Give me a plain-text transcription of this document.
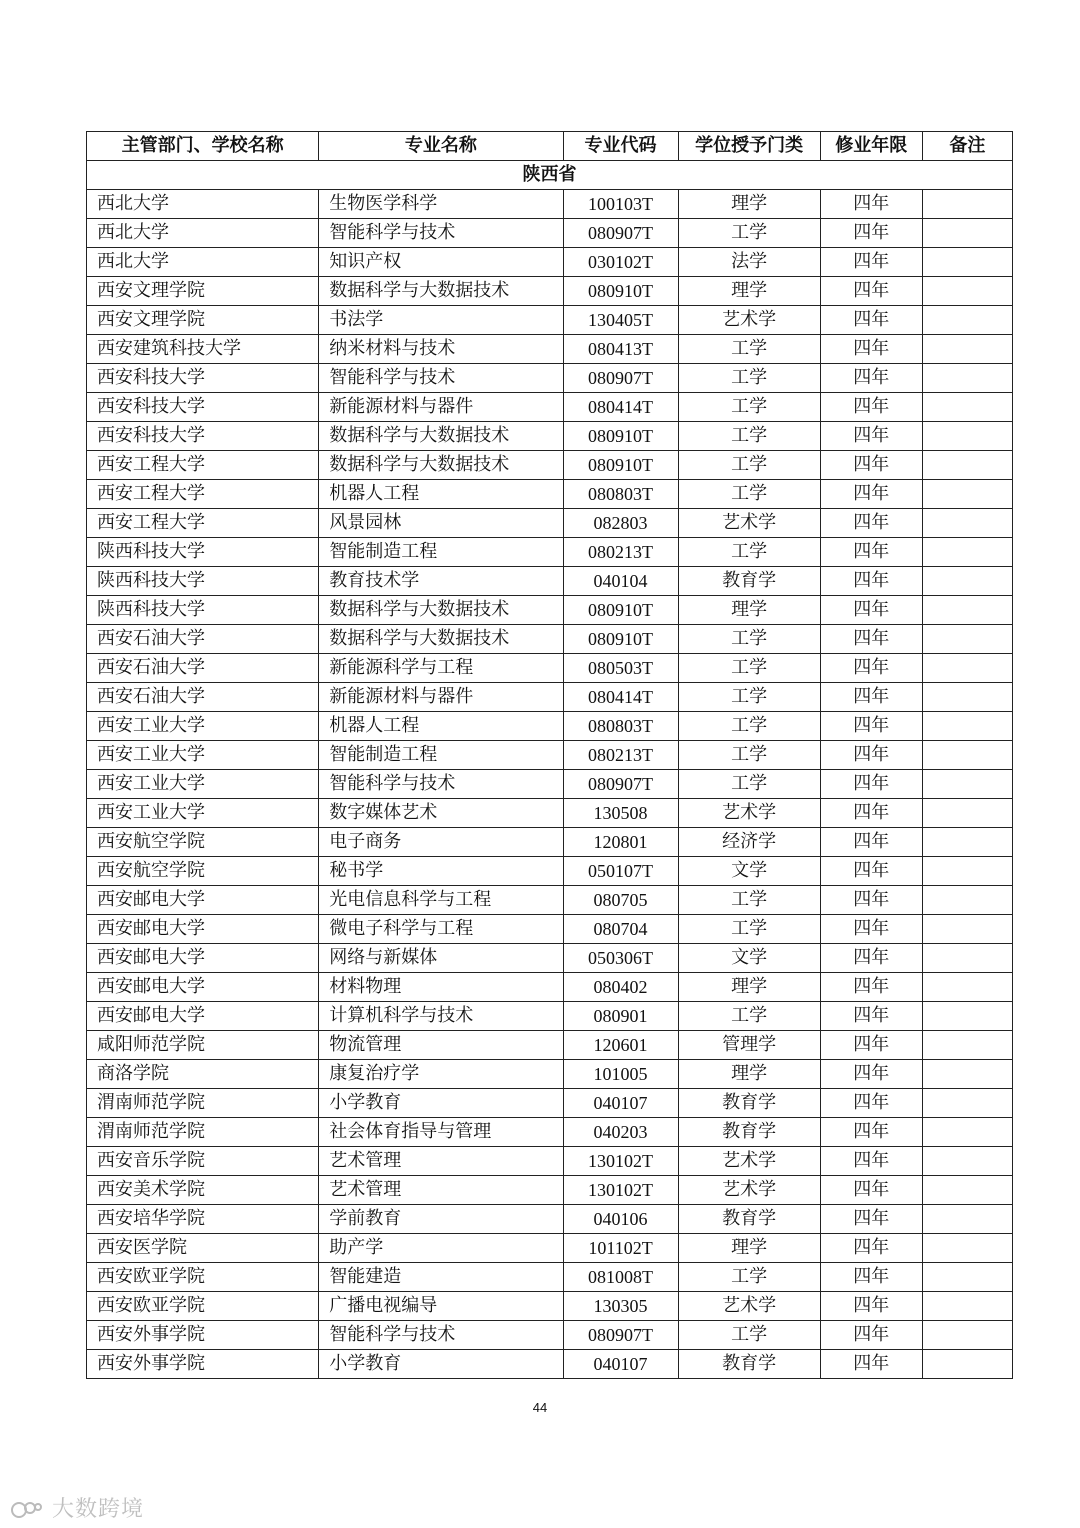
主管部门、学校名称	专业名称	专业代码	学位授予门类	修业年限	备注
陕西省					
西北大学	生物医学科学	100103T	理学	四年	
西北大学	智能科学与技术	080907T	工学	四年	
西北大学	知识产权	030102T	法学	四年	
西安文理学院	数据科学与大数据技术	080910T	理学	四年	
西安文理学院	书法学	130405T	艺术学	四年	
西安建筑科技大学	纳米材料与技术	080413T	工学	四年	
西安科技大学	智能科学与技术	080907T	工学	四年	
西安科技大学	新能源材料与器件	080414T	工学	四年	
西安科技大学	数据科学与大数据技术	080910T	工学	四年	
西安工程大学	数据科学与大数据技术	080910T	工学	四年	
西安工程大学	机器人工程	080803T	工学	四年	
西安工程大学	风景园林	082803	艺术学	四年	
陕西科技大学	智能制造工程	080213T	工学	四年	
陕西科技大学	教育技术学	040104	教育学	四年	
陕西科技大学	数据科学与大数据技术	080910T	理学	四年	
西安石油大学	数据科学与大数据技术	080910T	工学	四年	
西安石油大学	新能源科学与工程	080503T	工学	四年	
西安石油大学	新能源材料与器件	080414T	工学	四年	
西安工业大学	机器人工程	080803T	工学	四年	
西安工业大学	智能制造工程	080213T	工学	四年	
西安工业大学	智能科学与技术	080907T	工学	四年	
西安工业大学	数字媒体艺术	130508	艺术学	四年	
西安航空学院	电子商务	120801	经济学	四年	
西安航空学院	秘书学	050107T	文学	四年	
西安邮电大学	光电信息科学与工程	080705	工学	四年	
西安邮电大学	微电子科学与工程	080704	工学	四年	
西安邮电大学	网络与新媒体	050306T	文学	四年	
西安邮电大学	材料物理	080402	理学	四年	
西安邮电大学	计算机科学与技术	080901	工学	四年	
咸阳师范学院	物流管理	120601	管理学	四年	
商洛学院	康复治疗学	101005	理学	四年	
渭南师范学院	小学教育	040107	教育学	四年	
渭南师范学院	社会体育指导与管理	040203	教育学	四年	
西安音乐学院	艺术管理	130102T	艺术学	四年	
西安美术学院	艺术管理	130102T	艺术学	四年	
西安培华学院	学前教育	040106	教育学	四年	
西安医学院	助产学	101102T	理学	四年	
西安欧亚学院	智能建造	081008T	工学	四年	
西安欧亚学院	广播电视编导	130305	艺术学	四年	
西安外事学院	智能科学与技术	080907T	工学	四年	
西安外事学院	小学教育	040107	教育学	四年	
44
大数跨境
